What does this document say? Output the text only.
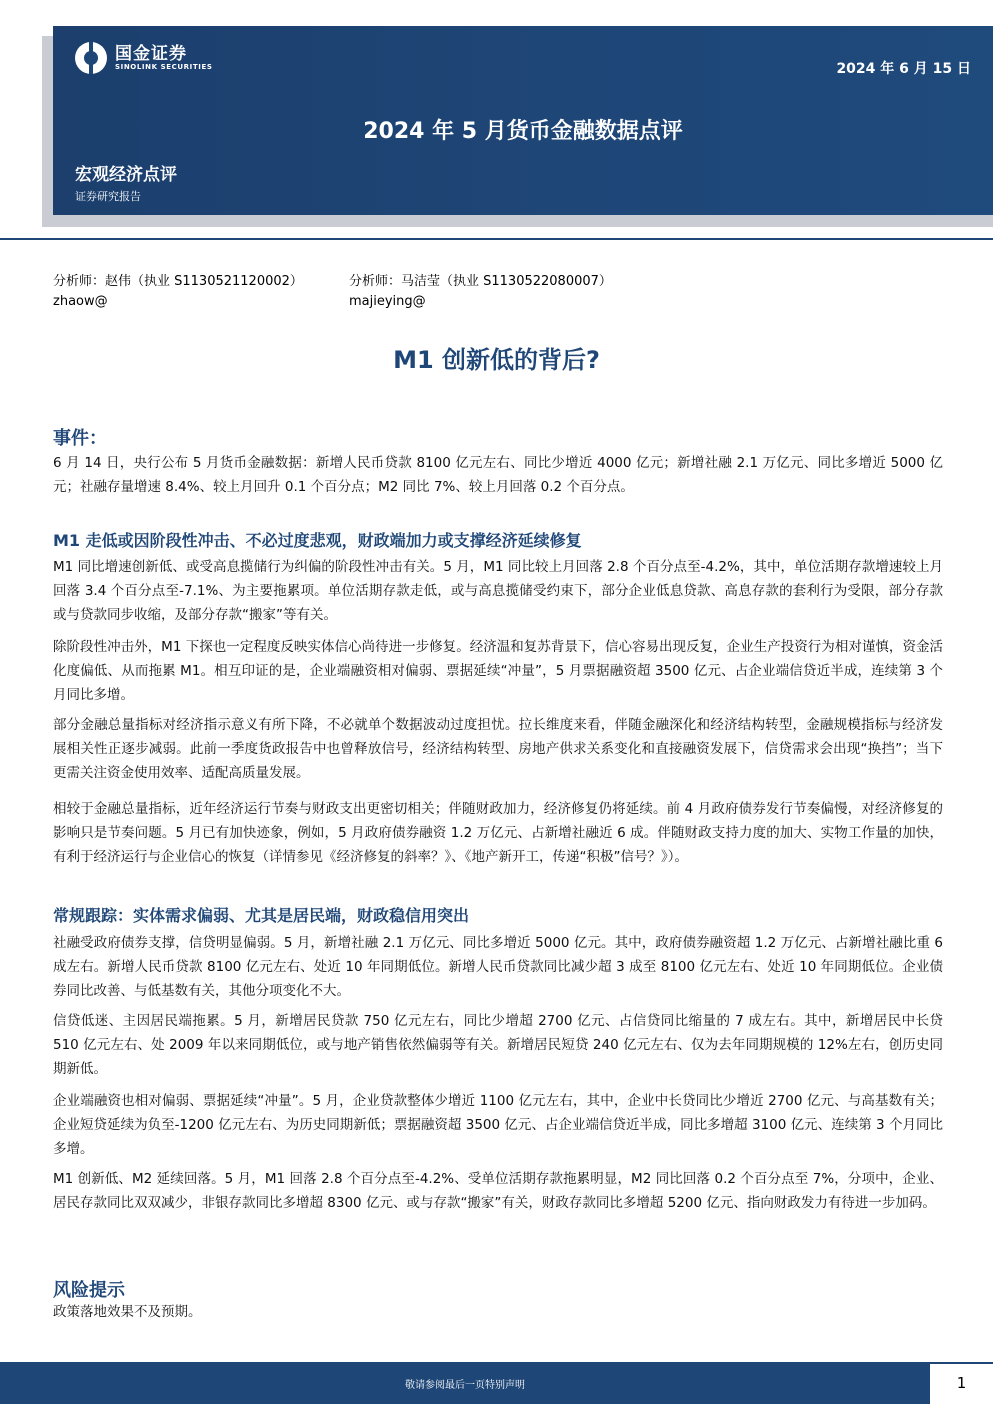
国金证券
SINOLINK SECURITIES	2024 年 6 月 15 日
2024 年 5 月货币金融数据点评
宏观经济点评
证券研究报告
分析师：赵伟（执业 S1130521120002）
zhaow@
分析师：马洁莹（执业 S1130522080007）
majieying@
M1 创新低的背后?
事件：
6 月 14 日，央行公布 5 月货币金融数据：新增人民币贷款 8100 亿元左右、同比少增近 4000 亿元；新增社融 2.1 万亿元、同比多增近 5000 亿元；社融存量增速 8.4%、较上月回升 0.1 个百分点；M2 同比 7%、较上月回落 0.2 个百分点。
M1 走低或因阶段性冲击、不必过度悲观，财政端加力或支撑经济延续修复
M1 同比增速创新低、或受高息揽储行为纠偏的阶段性冲击有关。5 月，M1 同比较上月回落 2.8 个百分点至-4.2%，其中，单位活期存款增速较上月回落 3.4 个百分点至-7.1%、为主要拖累项。单位活期存款走低，或与高息揽储受约束下，部分企业低息贷款、高息存款的套利行为受限，部分存款或与贷款同步收缩，及部分存款“搬家”等有关。
除阶段性冲击外，M1 下探也一定程度反映实体信心尚待进一步修复。经济温和复苏背景下，信心容易出现反复，企业生产投资行为相对谨慎，资金活化度偏低、从而拖累 M1。相互印证的是，企业端融资相对偏弱、票据延续“冲量”，5 月票据融资超 3500 亿元、占企业端信贷近半成，连续第 3 个月同比多增。
部分金融总量指标对经济指示意义有所下降，不必就单个数据波动过度担忧。拉长维度来看，伴随金融深化和经济结构转型，金融规模指标与经济发展相关性正逐步减弱。此前一季度货政报告中也曾释放信号，经济结构转型、房地产供求关系变化和直接融资发展下，信贷需求会出现“换挡”；当下更需关注资金使用效率、适配高质量发展。
相较于金融总量指标，近年经济运行节奏与财政支出更密切相关；伴随财政加力，经济修复仍将延续。前 4 月政府债券发行节奏偏慢，对经济修复的影响只是节奏问题。5 月已有加快迹象，例如，5 月政府债券融资 1.2 万亿元、占新增社融近 6 成。伴随财政支持力度的加大、实物工作量的加快，有利于经济运行与企业信心的恢复（详情参见《经济修复的斜率？》、《地产新开工，传递“积极”信号？》）。
常规跟踪：实体需求偏弱、尤其是居民端，财政稳信用突出
社融受政府债券支撑，信贷明显偏弱。5 月，新增社融 2.1 万亿元、同比多增近 5000 亿元。其中，政府债券融资超 1.2 万亿元、占新增社融比重 6 成左右。新增人民币贷款 8100 亿元左右、处近 10 年同期低位。新增人民币贷款同比减少超 3 成至 8100 亿元左右、处近 10 年同期低位。企业债券同比改善、与低基数有关，其他分项变化不大。
信贷低迷、主因居民端拖累。5 月，新增居民贷款 750 亿元左右，同比少增超 2700 亿元、占信贷同比缩量的 7 成左右。其中，新增居民中长贷 510 亿元左右、处 2009 年以来同期低位，或与地产销售依然偏弱等有关。新增居民短贷 240 亿元左右、仅为去年同期规模的 12%左右，创历史同期新低。
企业端融资也相对偏弱、票据延续“冲量”。5 月，企业贷款整体少增近 1100 亿元左右，其中，企业中长贷同比少增近 2700 亿元、与高基数有关；企业短贷延续为负至-1200 亿元左右、为历史同期新低；票据融资超 3500 亿元、占企业端信贷近半成，同比多增超 3100 亿元、连续第 3 个月同比多增。
M1 创新低、M2 延续回落。5 月，M1 回落 2.8 个百分点至-4.2%、受单位活期存款拖累明显，M2 同比回落 0.2 个百分点至 7%，分项中，企业、居民存款同比双双减少，非银存款同比多增超 8300 亿元、或与存款“搬家”有关，财政存款同比多增超 5200 亿元、指向财政发力有待进一步加码。
风险提示
政策落地效果不及预期。
敬请参阅最后一页特别声明	1
